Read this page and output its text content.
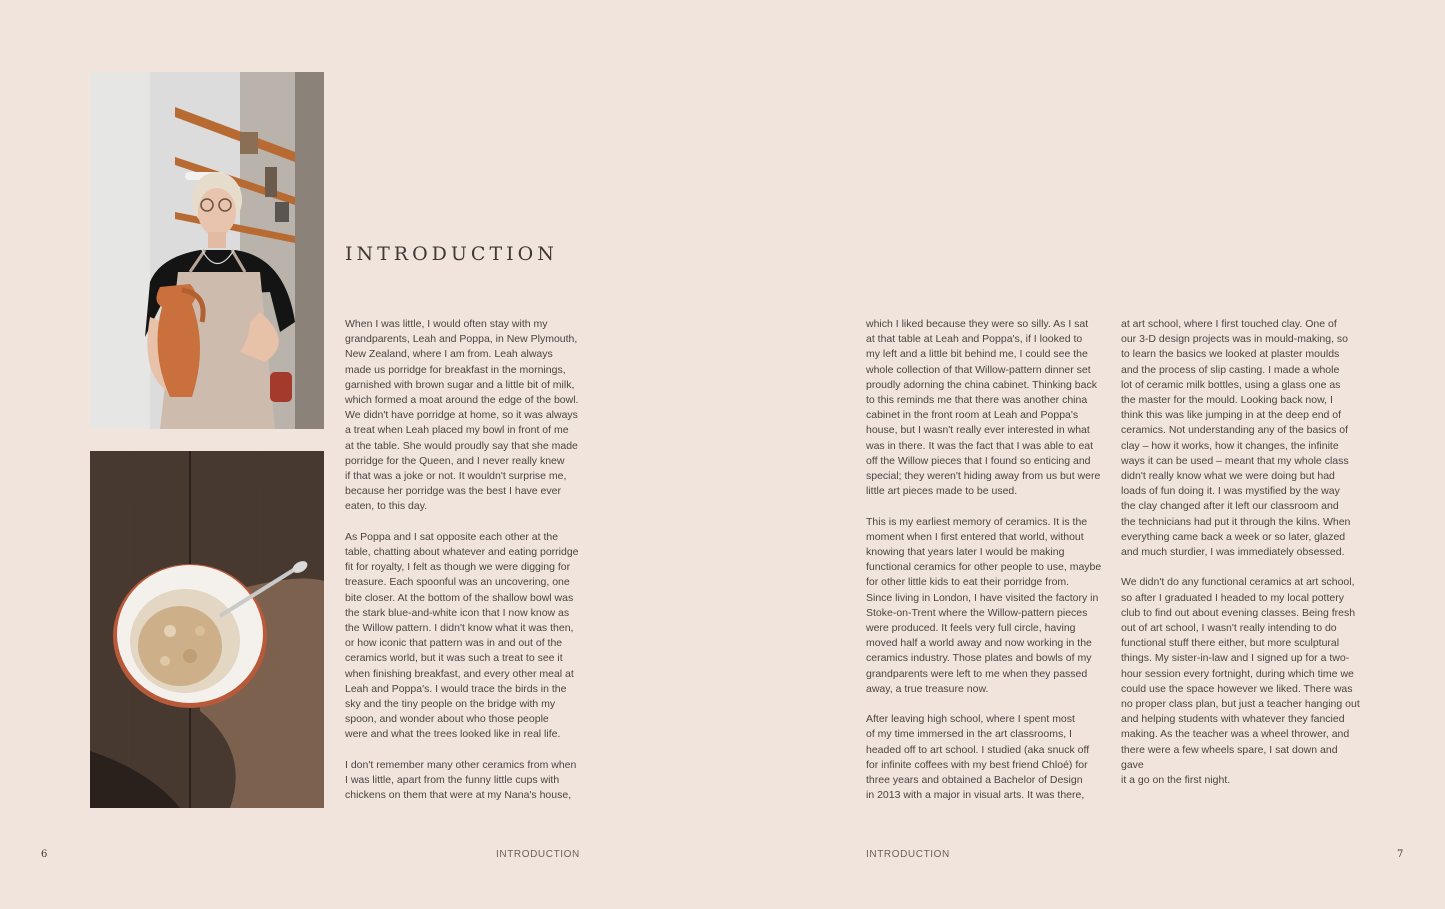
INTRODUCTION

When I was little, I would often stay with my
grandparents, Leah and Poppa, in New Plymouth,
New Zealand, where I am from. Leah always
made us porridge for breakfast in the mornings,
garnished with brown sugar and a little bit of milk,
which formed a moat around the edge of the bowl.
We didn't have porridge at home, so it was always
a treat when Leah placed my bowl in front of me
at the table. She would proudly say that she made
porridge for the Queen, and I never really knew
if that was a joke or not. It wouldn't surprise me,
because her porridge was the best I have ever
eaten, to this day.

As Poppa and I sat opposite each other at the
table, chatting about whatever and eating porridge
fit for royalty, I felt as though we were digging for
treasure. Each spoonful was an uncovering, one
bite closer. At the bottom of the shallow bowl was
the stark blue-and-white icon that I now know as
the Willow pattern. I didn't know what it was then,
or how iconic that pattern was in and out of the
ceramics world, but it was such a treat to see it
when finishing breakfast, and every other meal at
Leah and Poppa's. I would trace the birds in the
sky and the tiny people on the bridge with my
spoon, and wonder about who those people
were and what the trees looked like in real life.

I don't remember many other ceramics from when
I was little, apart from the funny little cups with
chickens on them that were at my Nana's house,

which I liked because they were so silly. As I sat
at that table at Leah and Poppa's, if I looked to
my left and a little bit behind me, I could see the
whole collection of that Willow-pattern dinner set
proudly adorning the china cabinet. Thinking back
to this reminds me that there was another china
cabinet in the front room at Leah and Poppa's
house, but I wasn't really ever interested in what
was in there. It was the fact that I was able to eat
off the Willow pieces that I found so enticing and
special; they weren't hiding away from us but were
little art pieces made to be used.

This is my earliest memory of ceramics. It is the
moment when I first entered that world, without
knowing that years later I would be making
functional ceramics for other people to use, maybe
for other little kids to eat their porridge from.
Since living in London, I have visited the factory in
Stoke-on-Trent where the Willow-pattern pieces
were produced. It feels very full circle, having
moved half a world away and now working in the
ceramics industry. Those plates and bowls of my
grandparents were left to me when they passed
away, a true treasure now.

After leaving high school, where I spent most
of my time immersed in the art classrooms, I
headed off to art school. I studied (aka snuck off
for infinite coffees with my best friend Chloé) for
three years and obtained a Bachelor of Design
in 2013 with a major in visual arts. It was there,

at art school, where I first touched clay. One of
our 3-D design projects was in mould-making, so
to learn the basics we looked at plaster moulds
and the process of slip casting. I made a whole
lot of ceramic milk bottles, using a glass one as
the master for the mould. Looking back now, I
think this was like jumping in at the deep end of
ceramics. Not understanding any of the basics of
clay – how it works, how it changes, the infinite
ways it can be used – meant that my whole class
didn't really know what we were doing but had
loads of fun doing it. I was mystified by the way
the clay changed after it left our classroom and
the technicians had put it through the kilns. When
everything came back a week or so later, glazed
and much sturdier, I was immediately obsessed.

We didn't do any functional ceramics at art school,
so after I graduated I headed to my local pottery
club to find out about evening classes. Being fresh
out of art school, I wasn't really intending to do
functional stuff there either, but more sculptural
things. My sister-in-law and I signed up for a two-
hour session every fortnight, during which time we
could use the space however we liked. There was
no proper class plan, but just a teacher hanging out
and helping students with whatever they fancied
making. As the teacher was a wheel thrower, and
there were a few wheels spare, I sat down and gave
it a go on the first night.

6	INTRODUCTION	INTRODUCTION	7
